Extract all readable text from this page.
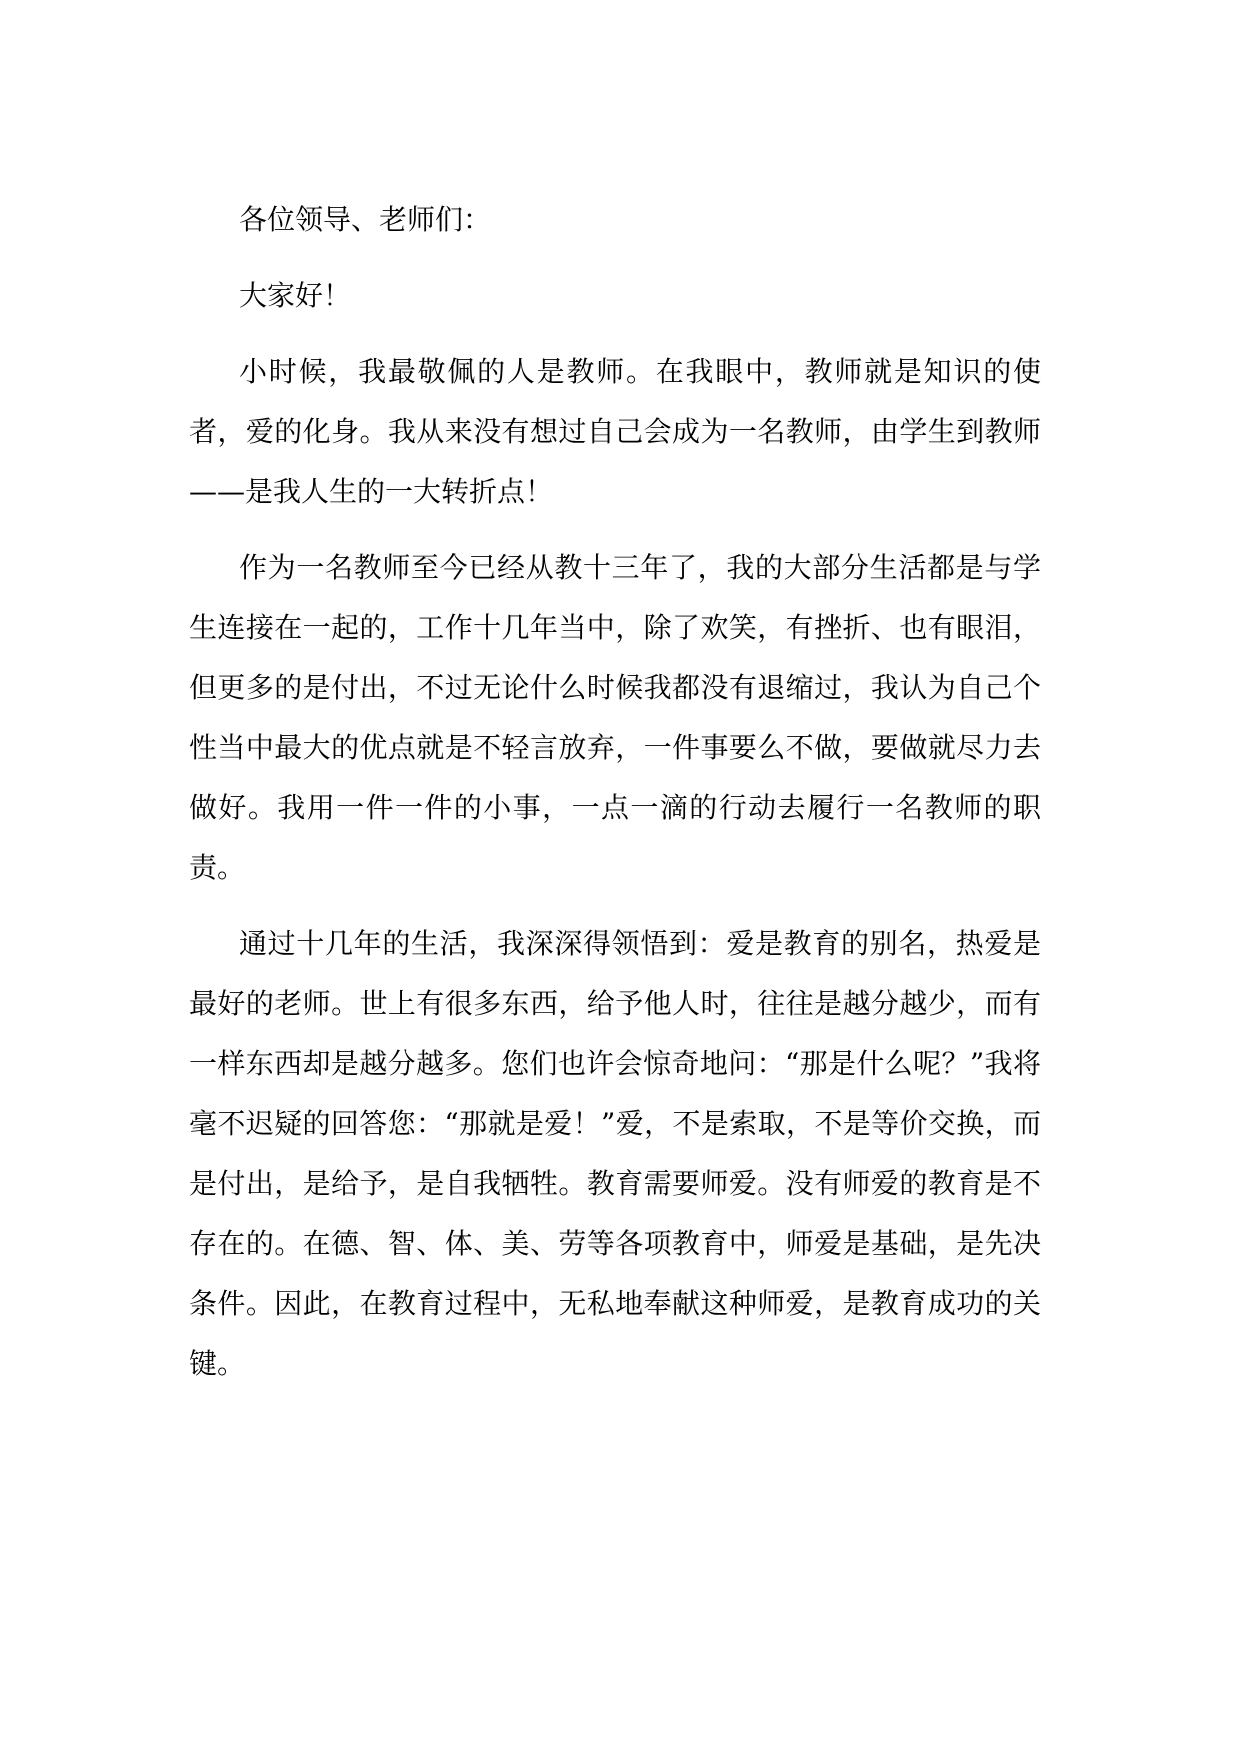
各位领导、老师们：

大家好！

小时候，我最敬佩的人是教师。在我眼中，教师就是知识的使者，爱的化身。我从来没有想过自己会成为一名教师，由学生到教师——是我人生的一大转折点！

作为一名教师至今已经从教十三年了，我的大部分生活都是与学生连接在一起的，工作十几年当中，除了欢笑，有挫折、也有眼泪，但更多的是付出，不过无论什么时候我都没有退缩过，我认为自己个性当中最大的优点就是不轻言放弃，一件事要么不做，要做就尽力去做好。我用一件一件的小事，一点一滴的行动去履行一名教师的职责。

通过十几年的生活，我深深得领悟到：爱是教育的别名，热爱是最好的老师。世上有很多东西，给予他人时，往往是越分越少，而有一样东西却是越分越多。您们也许会惊奇地问：“那是什么呢？”我将毫不迟疑的回答您：“那就是爱！”爱，不是索取，不是等价交换，而是付出，是给予，是自我牺牲。教育需要师爱。没有师爱的教育是不存在的。在德、智、体、美、劳等各项教育中，师爱是基础，是先决条件。因此，在教育过程中，无私地奉献这种师爱，是教育成功的关键。
